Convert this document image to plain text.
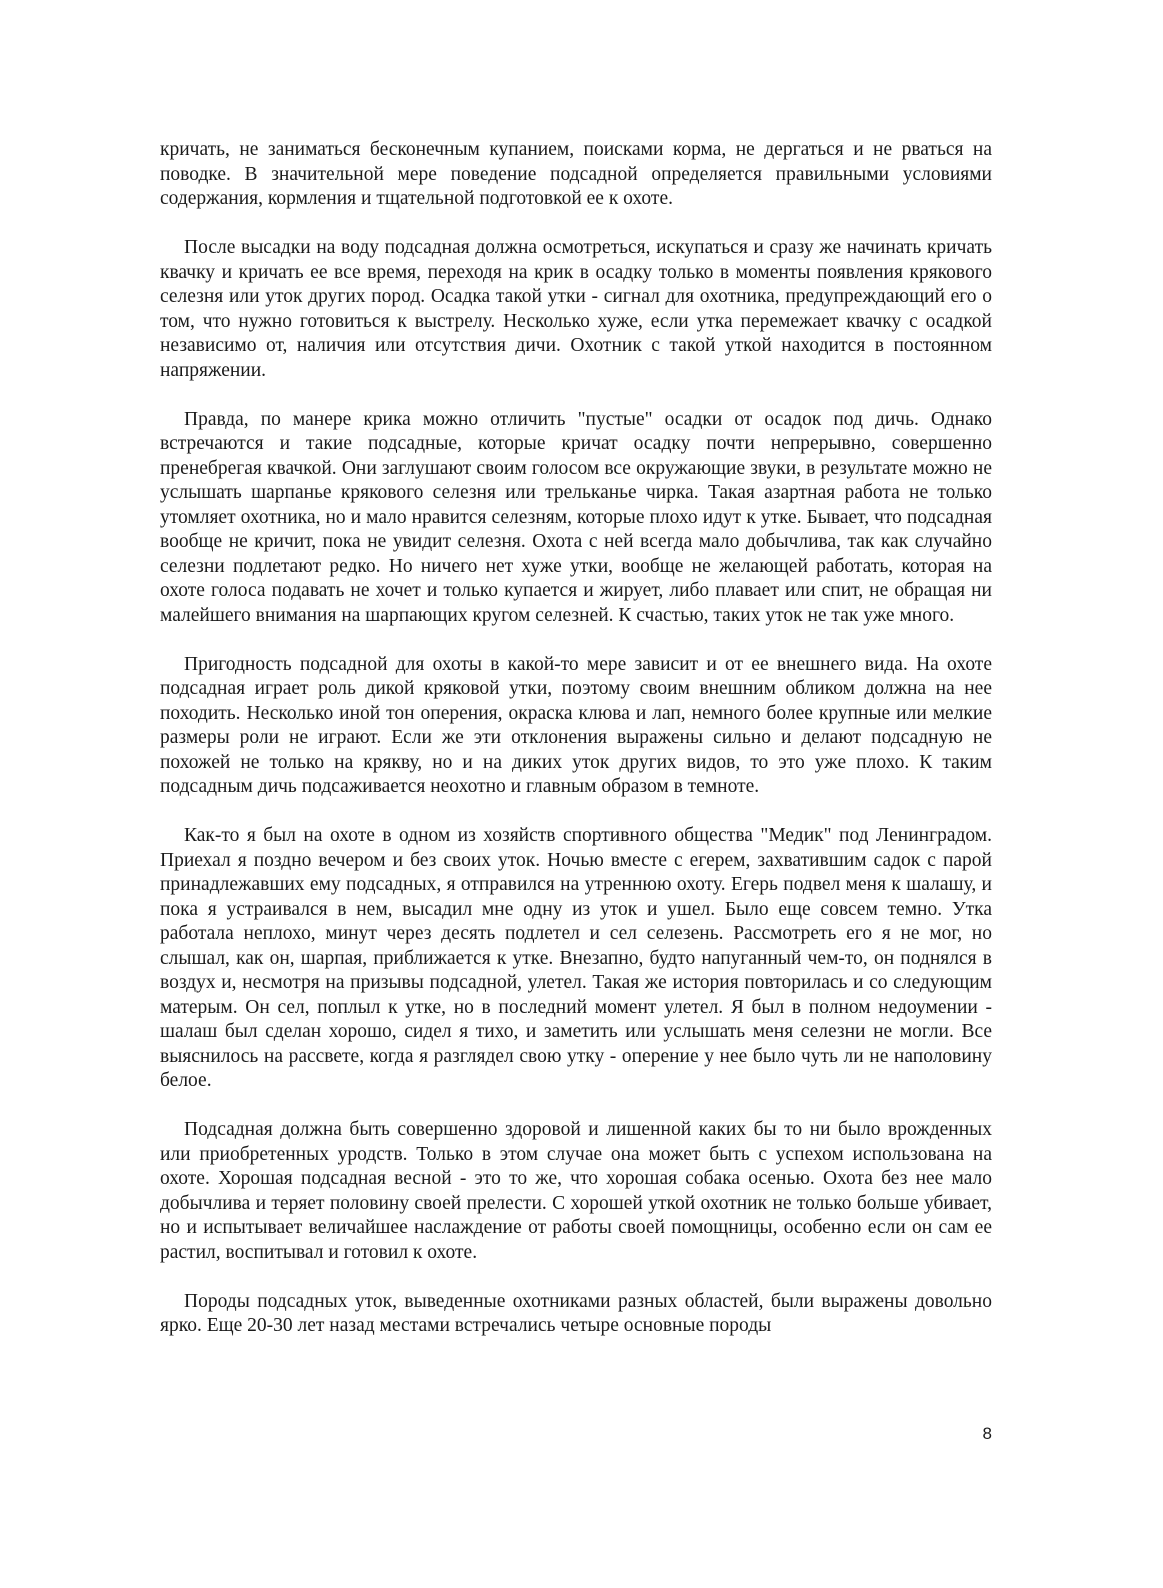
кричать, не заниматься бесконечным купанием, поисками корма, не дергаться и не рваться на поводке. В значительной мере поведение подсадной определяется правильными условиями содержания, кормления и тщательной подготовкой ее к охоте.

После высадки на воду подсадная должна осмотреться, искупаться и сразу же начинать кричать квачку и кричать ее все время, переходя на крик в осадку только в моменты появления крякового селезня или уток других пород. Осадка такой утки - сигнал для охотника, предупреждающий его о том, что нужно готовиться к выстрелу. Несколько хуже, если утка перемежает квачку с осадкой независимо от, наличия или отсутствия дичи. Охотник с такой уткой находится в постоянном напряжении.

Правда, по манере крика можно отличить "пустые" осадки от осадок под дичь. Однако встречаются и такие подсадные, которые кричат осадку почти непрерывно, совершенно пренебрегая квачкой. Они заглушают своим голосом все окружающие звуки, в результате можно не услышать шарпанье крякового селезня или трельканье чирка. Такая азартная работа не только утомляет охотника, но и мало нравится селезням, которые плохо идут к утке. Бывает, что подсадная вообще не кричит, пока не увидит селезня. Охота с ней всегда мало добычлива, так как случайно селезни подлетают редко. Но ничего нет хуже утки, вообще не желающей работать, которая на охоте голоса подавать не хочет и только купается и жирует, либо плавает или спит, не обращая ни малейшего внимания на шарпающих кругом селезней. К счастью, таких уток не так уже много.

Пригодность подсадной для охоты в какой-то мере зависит и от ее внешнего вида. На охоте подсадная играет роль дикой кряковой утки, поэтому своим внешним обликом должна на нее походить. Несколько иной тон оперения, окраска клюва и лап, немного более крупные или мелкие размеры роли не играют. Если же эти отклонения выражены сильно и делают подсадную не похожей не только на крякву, но и на диких уток других видов, то это уже плохо. К таким подсадным дичь подсаживается неохотно и главным образом в темноте.

Как-то я был на охоте в одном из хозяйств спортивного общества "Медик" под Ленинградом. Приехал я поздно вечером и без своих уток. Ночью вместе с егерем, захватившим садок с парой принадлежавших ему подсадных, я отправился на утреннюю охоту. Егерь подвел меня к шалашу, и пока я устраивался в нем, высадил мне одну из уток и ушел. Было еще совсем темно. Утка работала неплохо, минут через десять подлетел и сел селезень. Рассмотреть его я не мог, но слышал, как он, шарпая, приближается к утке. Внезапно, будто напуганный чем-то, он поднялся в воздух и, несмотря на призывы подсадной, улетел. Такая же история повторилась и со следующим матерым. Он сел, поплыл к утке, но в последний момент улетел. Я был в полном недоумении - шалаш был сделан хорошо, сидел я тихо, и заметить или услышать меня селезни не могли. Все выяснилось на рассвете, когда я разглядел свою утку - оперение у нее было чуть ли не наполовину белое.

Подсадная должна быть совершенно здоровой и лишенной каких бы то ни было врожденных или приобретенных уродств. Только в этом случае она может быть с успехом использована на охоте. Хорошая подсадная весной - это то же, что хорошая собака осенью. Охота без нее мало добычлива и теряет половину своей прелести. С хорошей уткой охотник не только больше убивает, но и испытывает величайшее наслаждение от работы своей помощницы, особенно если он сам ее растил, воспитывал и готовил к охоте.

Породы подсадных уток, выведенные охотниками разных областей, были выражены довольно ярко. Еще 20-30 лет назад местами встречались четыре основные породы

8
